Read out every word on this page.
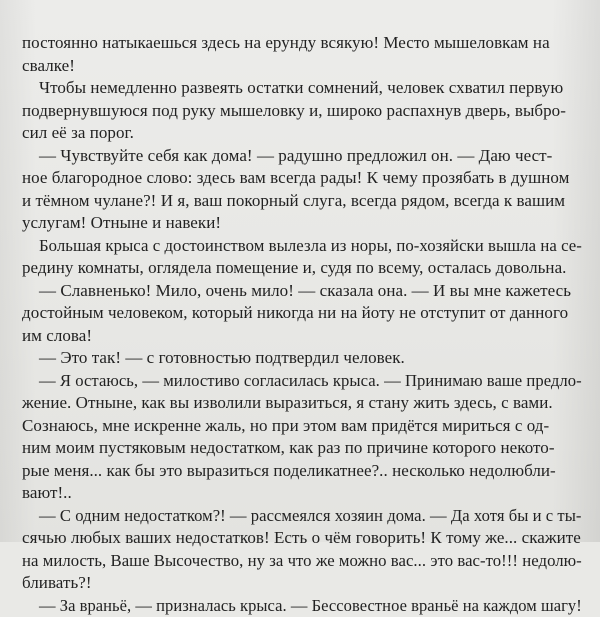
постоянно натыкаешься здесь на ерунду всякую! Место мышеловкам на
свалке!
Чтобы немедленно развеять остатки сомнений, человек схватил первую
подвернувшуюся под руку мышеловку и, широко распахнув дверь, выбро-
сил её за порог.
— Чувствуйте себя как дома! — радушно предложил он. — Даю чест-
ное благородное слово: здесь вам всегда рады! К чему прозябать в душном
и тёмном чулане?! И я, ваш покорный слуга, всегда рядом, всегда к вашим
услугам! Отныне и навеки!
Большая крыса с достоинством вылезла из норы, по-хозяйски вышла на се-
редину комнаты, оглядела помещение и, судя по всему, осталась довольна.
— Славненько! Мило, очень мило! — сказала она. — И вы мне кажетесь
достойным человеком, который никогда ни на йоту не отступит от данного
им слова!
— Это так! — с готовностью подтвердил человек.
— Я остаюсь, — милостиво согласилась крыса. — Принимаю ваше предло-
жение. Отныне, как вы изволили выразиться, я стану жить здесь, с вами.
Сознаюсь, мне искренне жаль, но при этом вам придётся мириться с од-
ним моим пустяковым недостатком, как раз по причине которого некото-
рые меня... как бы это выразиться поделикатнее?.. несколько недолюбли-
вают!..
— С одним недостатком?! — рассмеялся хозяин дома. — Да хотя бы и с ты-
сячью любых ваших недостатков! Есть о чём говорить! К тому же... скажите
на милость, Ваше Высочество, ну за что же можно вас... это вас-то!!! недолю-
бливать?!
— За враньё, — призналась крыса. — Бессовестное враньё на каждом шагу!
